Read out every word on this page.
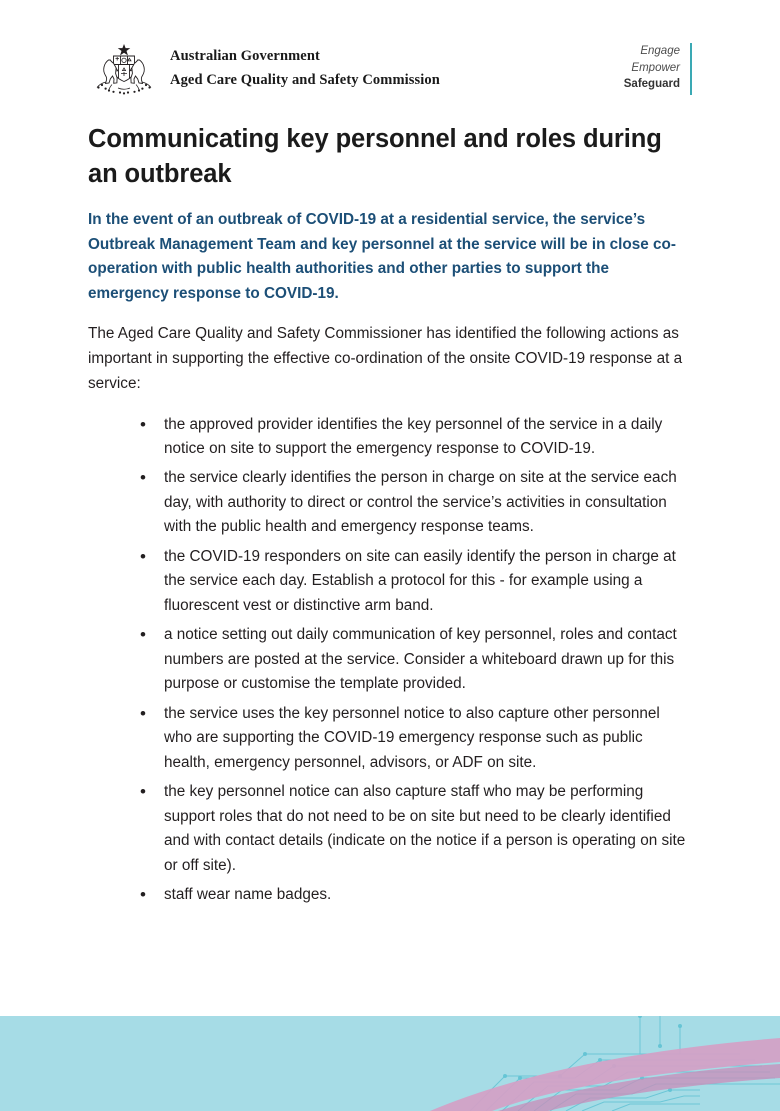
Australian Government
Aged Care Quality and Safety Commission
Engage
Empower
Safeguard
Communicating key personnel and roles during an outbreak

In the event of an outbreak of COVID-19 at a residential service, the service’s Outbreak Management Team and key personnel at the service will be in close co-operation with public health authorities and other parties to support the emergency response to COVID-19.

The Aged Care Quality and Safety Commissioner has identified the following actions as important in supporting the effective co-ordination of the onsite COVID-19 response at a service:

• the approved provider identifies the key personnel of the service in a daily notice on site to support the emergency response to COVID-19.
• the service clearly identifies the person in charge on site at the service each day, with authority to direct or control the service’s activities in consultation with the public health and emergency response teams.
• the COVID-19 responders on site can easily identify the person in charge at the service each day. Establish a protocol for this - for example using a fluorescent vest or distinctive arm band.
• a notice setting out daily communication of key personnel, roles and contact numbers are posted at the service. Consider a whiteboard drawn up for this purpose or customise the template provided.
• the service uses the key personnel notice to also capture other personnel who are supporting the COVID-19 emergency response such as public health, emergency personnel, advisors, or ADF on site.
• the key personnel notice can also capture staff who may be performing support roles that do not need to be on site but need to be clearly identified and with contact details (indicate on the notice if a person is operating on site or off site).
• staff wear name badges.
